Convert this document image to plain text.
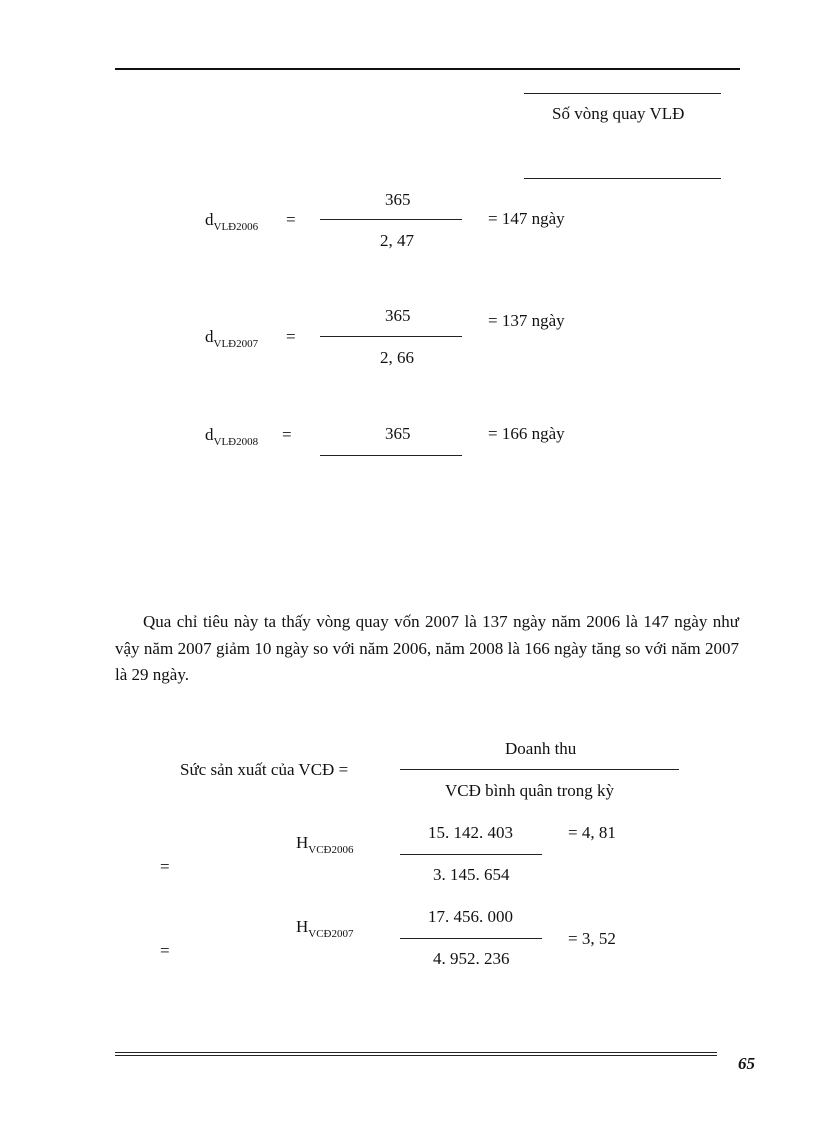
Số vòng quay VLĐ
$d_{VLĐ2006}$ =
365
2, 47
= 147 ngày
$d_{VLĐ2007}$ =
365
2, 66
= 137 ngày
$d_{VLĐ2008}$ =	365	= 166 ngày
Qua chỉ tiêu này ta thấy vòng quay vốn 2007 là 137 ngày năm 2006 là 147 ngày như vậy năm 2007 giảm 10 ngày so với năm 2006, năm 2008 là 166 ngày tăng so với năm 2007 là 29 ngày.
Sức sản xuất của VCĐ =
Doanh thu
VCĐ bình quân trong kỳ
=
$H_{VCĐ2006}$
15. 142. 403
3. 145. 654
= 4, 81
=
$H_{VCĐ2007}$
17. 456. 000
4. 952. 236
= 3, 52
65
